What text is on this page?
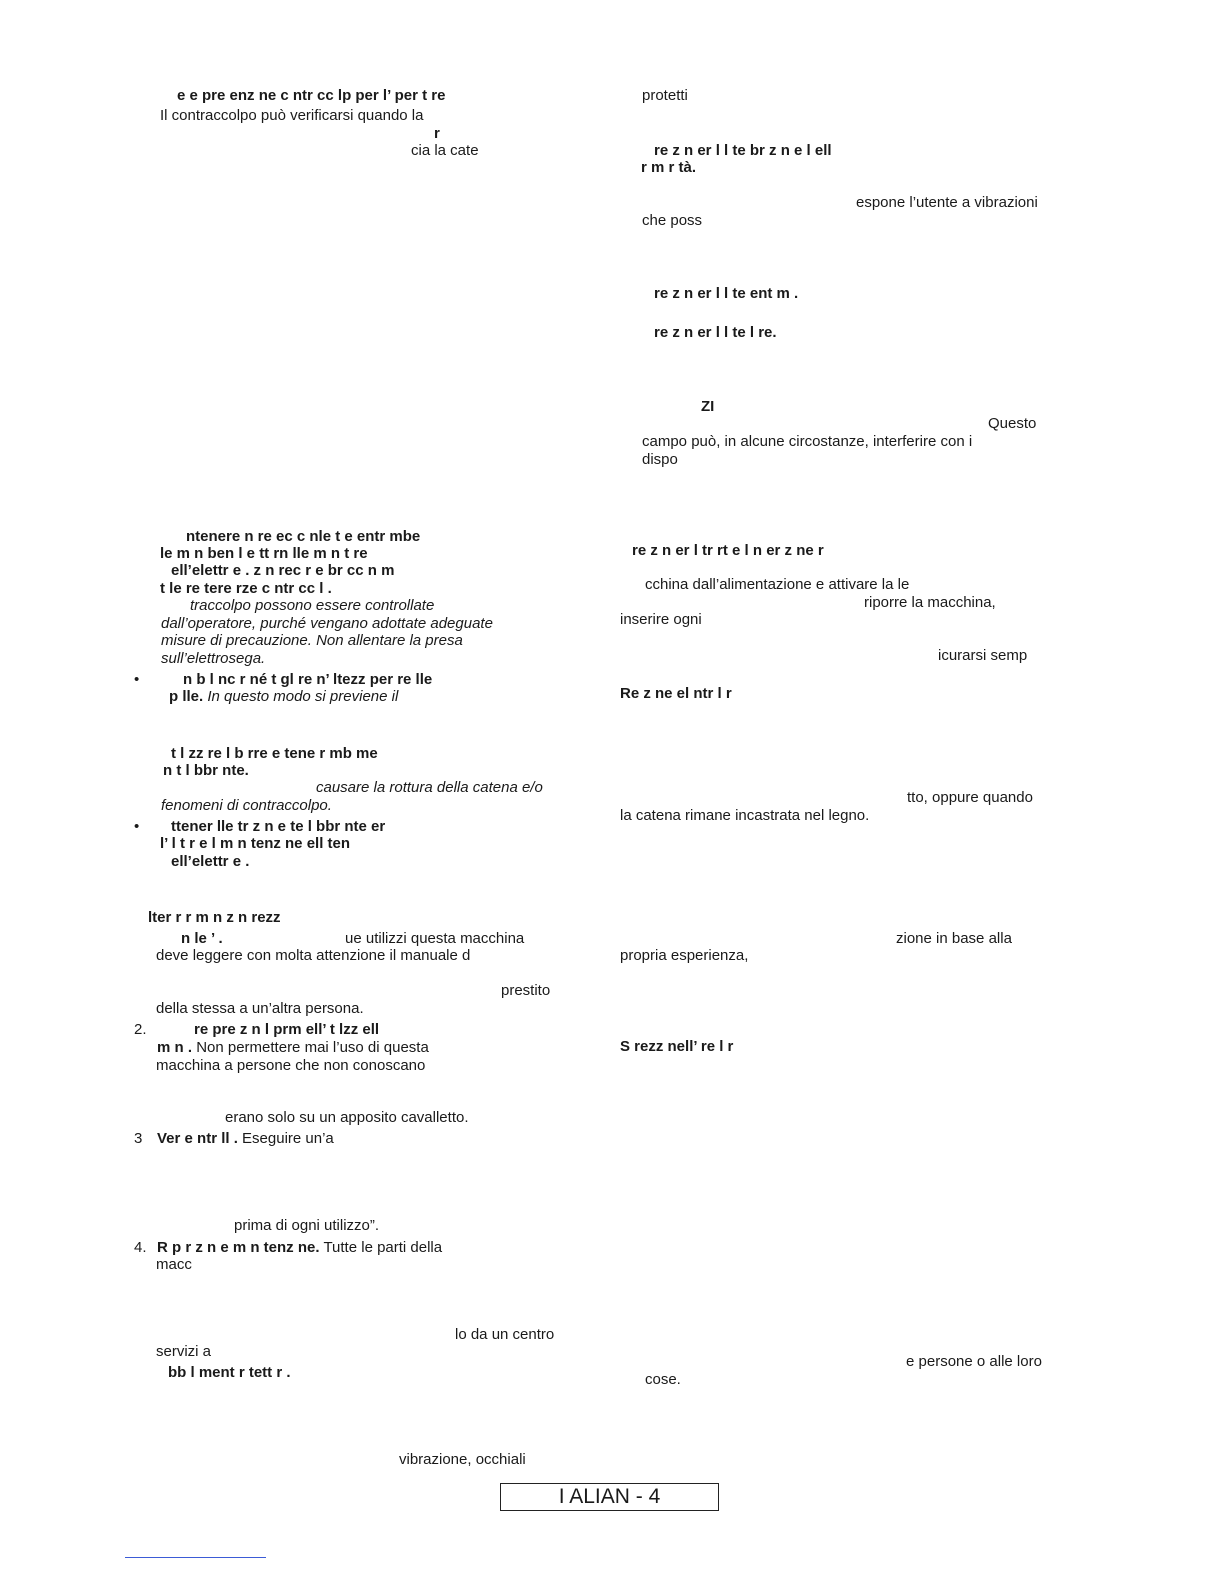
e e pre enz ne c ntr cc lp per l’ per t re
Il contraccolpo può verificarsi quando la
r
cia la cate
ntenere n re ec c nle t e entr mbe
le m n ben l e tt rn lle m n t re
ell’elettr e . z n rec r e br cc n m
t le re tere rze c ntr cc l .
traccolpo possono essere controllate
dall’operatore, purché vengano adottate adeguate
misure di precauzione. Non allentare la presa
sull’elettrosega.
•	n b l nc r né t gl re n’ ltezz per re lle
p lle. In questo modo si previene il
t l zz re l b rre e tene r mb me
n t l bbr nte.
causare la rottura della catena e/o
fenomeni di contraccolpo.
• ttener lle tr z n e te l bbr nte er
l’ l t r e l m n tenz ne ell ten
ell’elettr e .
lter r r m n z n rezz
n le ’ .	ue utilizzi questa macchina
deve leggere con molta attenzione il manuale d
prestito
della stessa a un’altra persona.
2.	re pre z n l prm ell’ t lzz ell
m n . Non permettere mai l’uso di questa
macchina a persone che non conoscano
erano solo su un apposito cavalletto.
3 Ver e ntr ll . Eseguire un’a
prima di ogni utilizzo”.
4. R p r z n e m n tenz ne. Tutte le parti della
macc
lo da un centro
servizi a
bb l ment r tett r .
vibrazione, occhiali
protetti
re z n er l l te br z n e l ell
r m r tà.
espone l’utente a vibrazioni
che poss
re z n er l l te ent m .
re z n er l l te l re.
ZI
Questo
campo può, in alcune circostanze, interferire con i
dispo
re z n er l tr rt e l n er z ne r
cchina dall’alimentazione e attivare la le
riporre la macchina,
inserire ogni
icurarsi semp
Re z ne el ntr l r
tto, oppure quando
la catena rimane incastrata nel legno.
zione in base alla
propria esperienza,
S rezz nell’ re l r
e persone o alle loro
cose.
I ALIAN - 4
